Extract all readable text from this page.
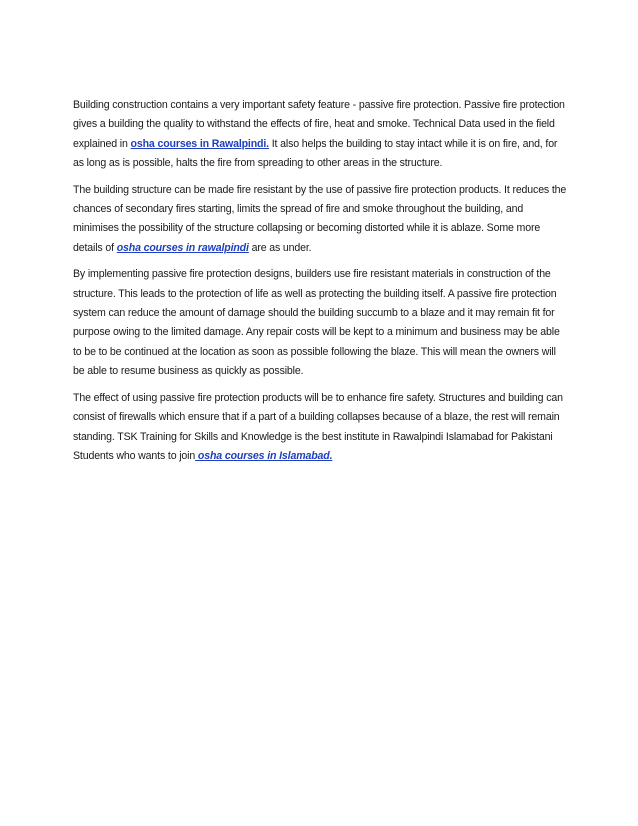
Building construction contains a very important safety feature - passive fire protection. Passive fire protection gives a building the quality to withstand the effects of fire, heat and smoke. Technical Data used in the field explained in osha courses in Rawalpindi. It also helps the building to stay intact while it is on fire, and, for as long as is possible, halts the fire from spreading to other areas in the structure.

The building structure can be made fire resistant by the use of passive fire protection products. It reduces the chances of secondary fires starting, limits the spread of fire and smoke throughout the building, and minimises the possibility of the structure collapsing or becoming distorted while it is ablaze. Some more details of osha courses in rawalpindi are as under.

By implementing passive fire protection designs, builders use fire resistant materials in construction of the structure. This leads to the protection of life as well as protecting the building itself. A passive fire protection system can reduce the amount of damage should the building succumb to a blaze and it may remain fit for purpose owing to the limited damage. Any repair costs will be kept to a minimum and business may be able to be to be continued at the location as soon as possible following the blaze. This will mean the owners will be able to resume business as quickly as possible.

The effect of using passive fire protection products will be to enhance fire safety. Structures and building can consist of firewalls which ensure that if a part of a building collapses because of a blaze, the rest will remain standing. TSK Training for Skills and Knowledge is the best institute in Rawalpindi Islamabad for Pakistani Students who wants to join osha courses in Islamabad.
